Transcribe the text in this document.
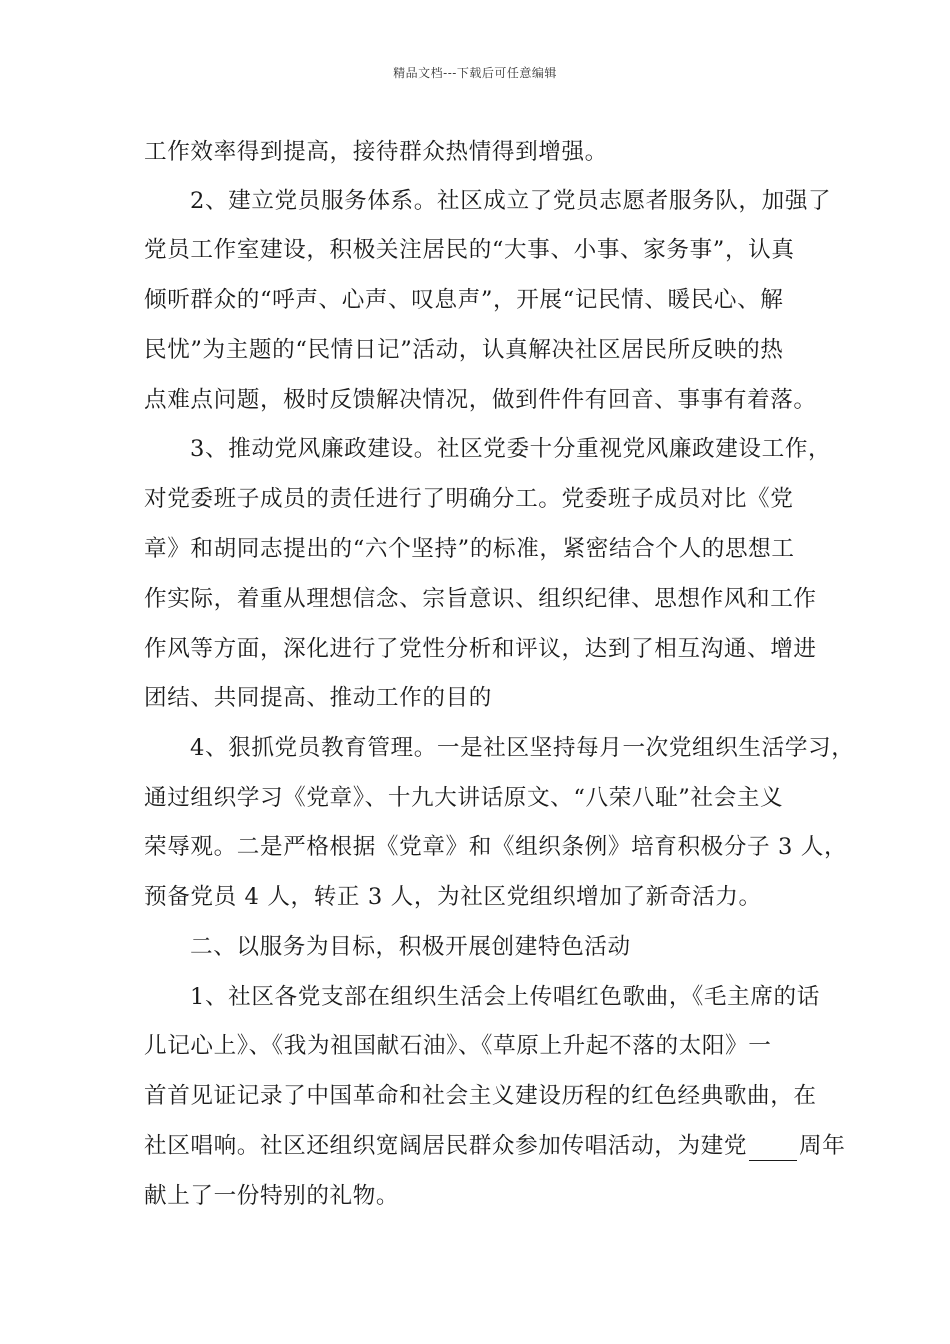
精品文档---下载后可任意编辑
工作效率得到提高，接待群众热情得到增强。
2、建立党员服务体系。社区成立了党员志愿者服务队，加强了
党员工作室建设，积极关注居民的“大事、小事、家务事”，认真
倾听群众的“呼声、心声、叹息声”，开展“记民情、暖民心、解
民忧”为主题的“民情日记”活动，认真解决社区居民所反映的热
点难点问题，极时反馈解决情况，做到件件有回音、事事有着落。
3、推动党风廉政建设。社区党委十分重视党风廉政建设工作，
对党委班子成员的责任进行了明确分工。党委班子成员对比《党
章》和胡同志提出的“六个坚持”的标准，紧密结合个人的思想工
作实际，着重从理想信念、宗旨意识、组织纪律、思想作风和工作
作风等方面，深化进行了党性分析和评议，达到了相互沟通、增进
团结、共同提高、推动工作的目的
4、狠抓党员教育管理。一是社区坚持每月一次党组织生活学习，
通过组织学习《党章》、十九大讲话原文、“八荣八耻”社会主义
荣辱观。二是严格根据《党章》和《组织条例》培育积极分子 3 人，
预备党员 4 人，转正 3 人，为社区党组织增加了新奇活力。
二、以服务为目标，积极开展创建特色活动
1、社区各党支部在组织生活会上传唱红色歌曲，《毛主席的话
儿记心上》、《我为祖国献石油》、《草原上升起不落的太阳》一
首首见证记录了中国革命和社会主义建设历程的红色经典歌曲，在
社区唱响。社区还组织宽阔居民群众参加传唱活动，为建党 周年
献上了一份特别的礼物。
